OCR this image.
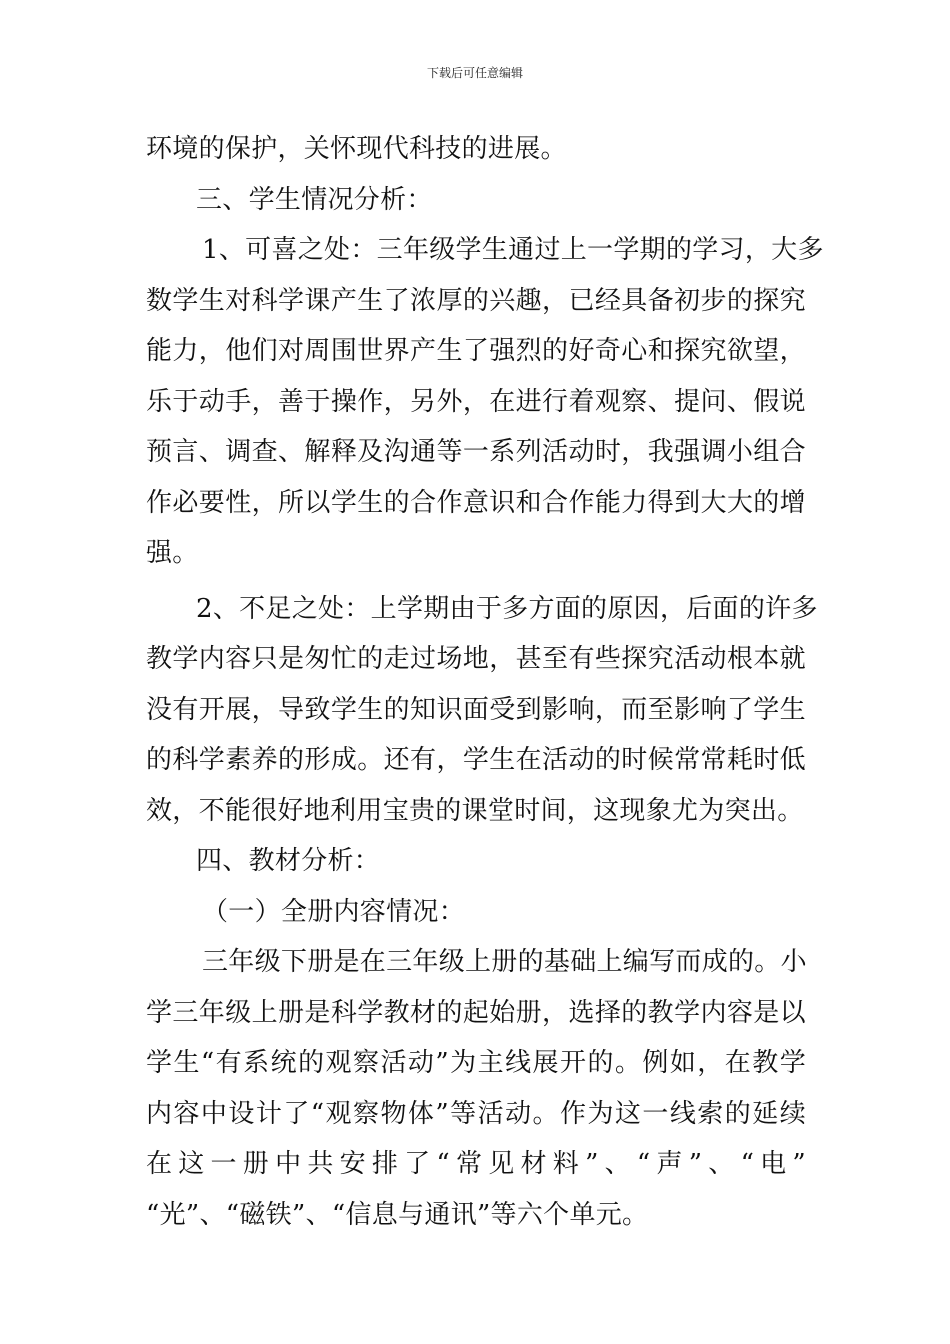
下载后可任意编辑
环境的保护，关怀现代科技的进展。
三、学生情况分析：
1、可喜之处：三年级学生通过上一学期的学习，大多
数学生对科学课产生了浓厚的兴趣，已经具备初步的探究
能力，他们对周围世界产生了强烈的好奇心和探究欲望，
乐于动手，善于操作，另外，在进行着观察、提问、假说
预言、调查、解释及沟通等一系列活动时，我强调小组合
作必要性，所以学生的合作意识和合作能力得到大大的增
强。
2、不足之处：上学期由于多方面的原因，后面的许多
教学内容只是匆忙的走过场地，甚至有些探究活动根本就
没有开展，导致学生的知识面受到影响，而至影响了学生
的科学素养的形成。还有，学生在活动的时候常常耗时低
效，不能很好地利用宝贵的课堂时间，这现象尤为突出。
四、教材分析：
（一）全册内容情况：
三年级下册是在三年级上册的基础上编写而成的。小
学三年级上册是科学教材的起始册，选择的教学内容是以
学生“有系统的观察活动”为主线展开的。例如，在教学
内容中设计了“观察物体”等活动。作为这一线索的延续
在这一册中共安排了“常见材料”、“声”、“电”
“光”、“磁铁”、“信息与通讯”等六个单元。
